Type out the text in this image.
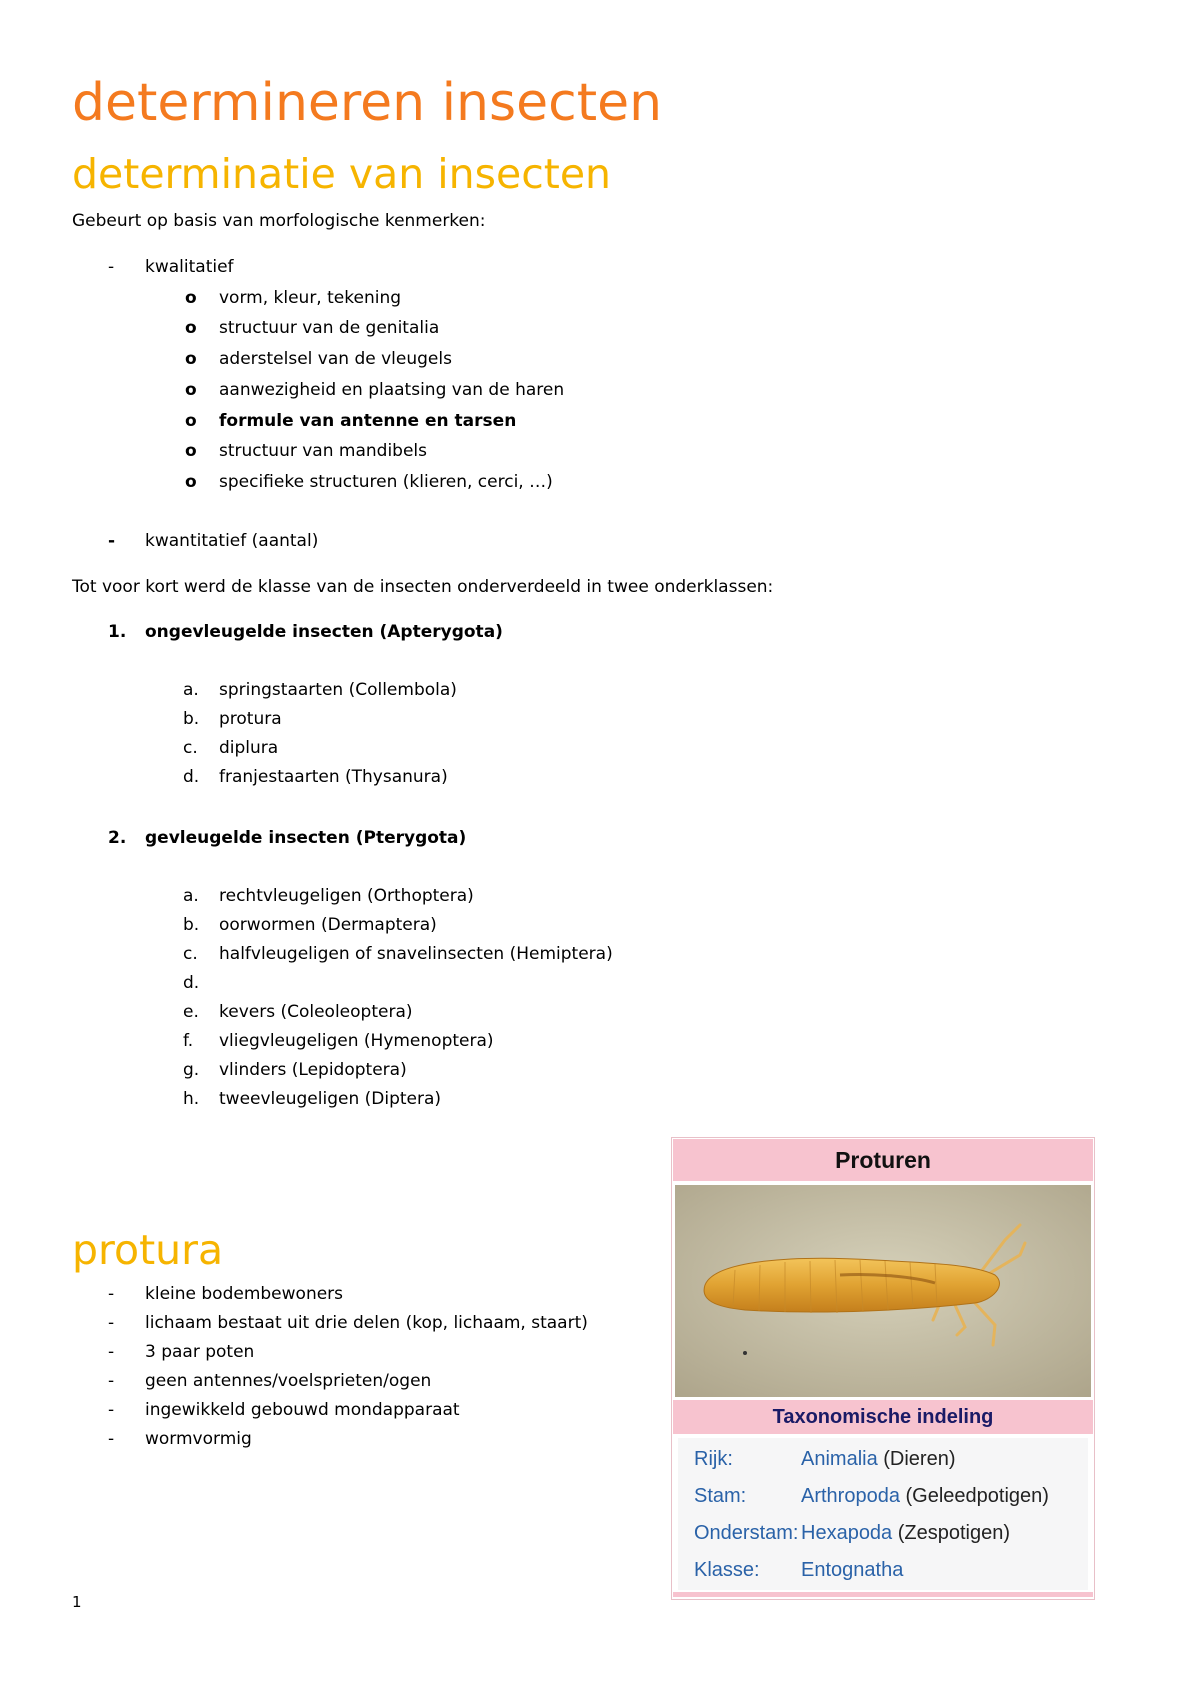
determineren insecten
determinatie van insecten
Gebeurt op basis van morfologische kenmerken:
- kwalitatief
o vorm, kleur, tekening
o structuur van de genitalia
o aderstelsel van de vleugels
o aanwezigheid en plaatsing van de haren
o formule van antenne en tarsen
o structuur van mandibels
o specifieke structuren (klieren, cerci, …)
- kwantitatief (aantal)
Tot voor kort werd de klasse van de insecten onderverdeeld in twee onderklassen:
1. ongevleugelde insecten (Apterygota)
a. springstaarten (Collembola)
b. protura
c. diplura
d. franjestaarten (Thysanura)
2. gevleugelde insecten (Pterygota)
a. rechtvleugeligen (Orthoptera)
b. oorwormen (Dermaptera)
c. halfvleugeligen of snavelinsecten (Hemiptera)
d.
e. kevers (Coleoleoptera)
f. vliegvleugeligen (Hymenoptera)
g. vlinders (Lepidoptera)
h. tweevleugeligen (Diptera)
protura
- kleine bodembewoners
- lichaam bestaat uit drie delen (kop, lichaam, staart)
- 3 paar poten
- geen antennes/voelsprieten/ogen
- ingewikkeld gebouwd mondapparaat
- wormvormig
Proturen
Taxonomische indeling
Rijk:	Animalia (Dieren)
Stam:	Arthropoda (Geleedpotigen)
Onderstam: Hexapoda (Zespotigen)
Klasse: Entognatha
1
